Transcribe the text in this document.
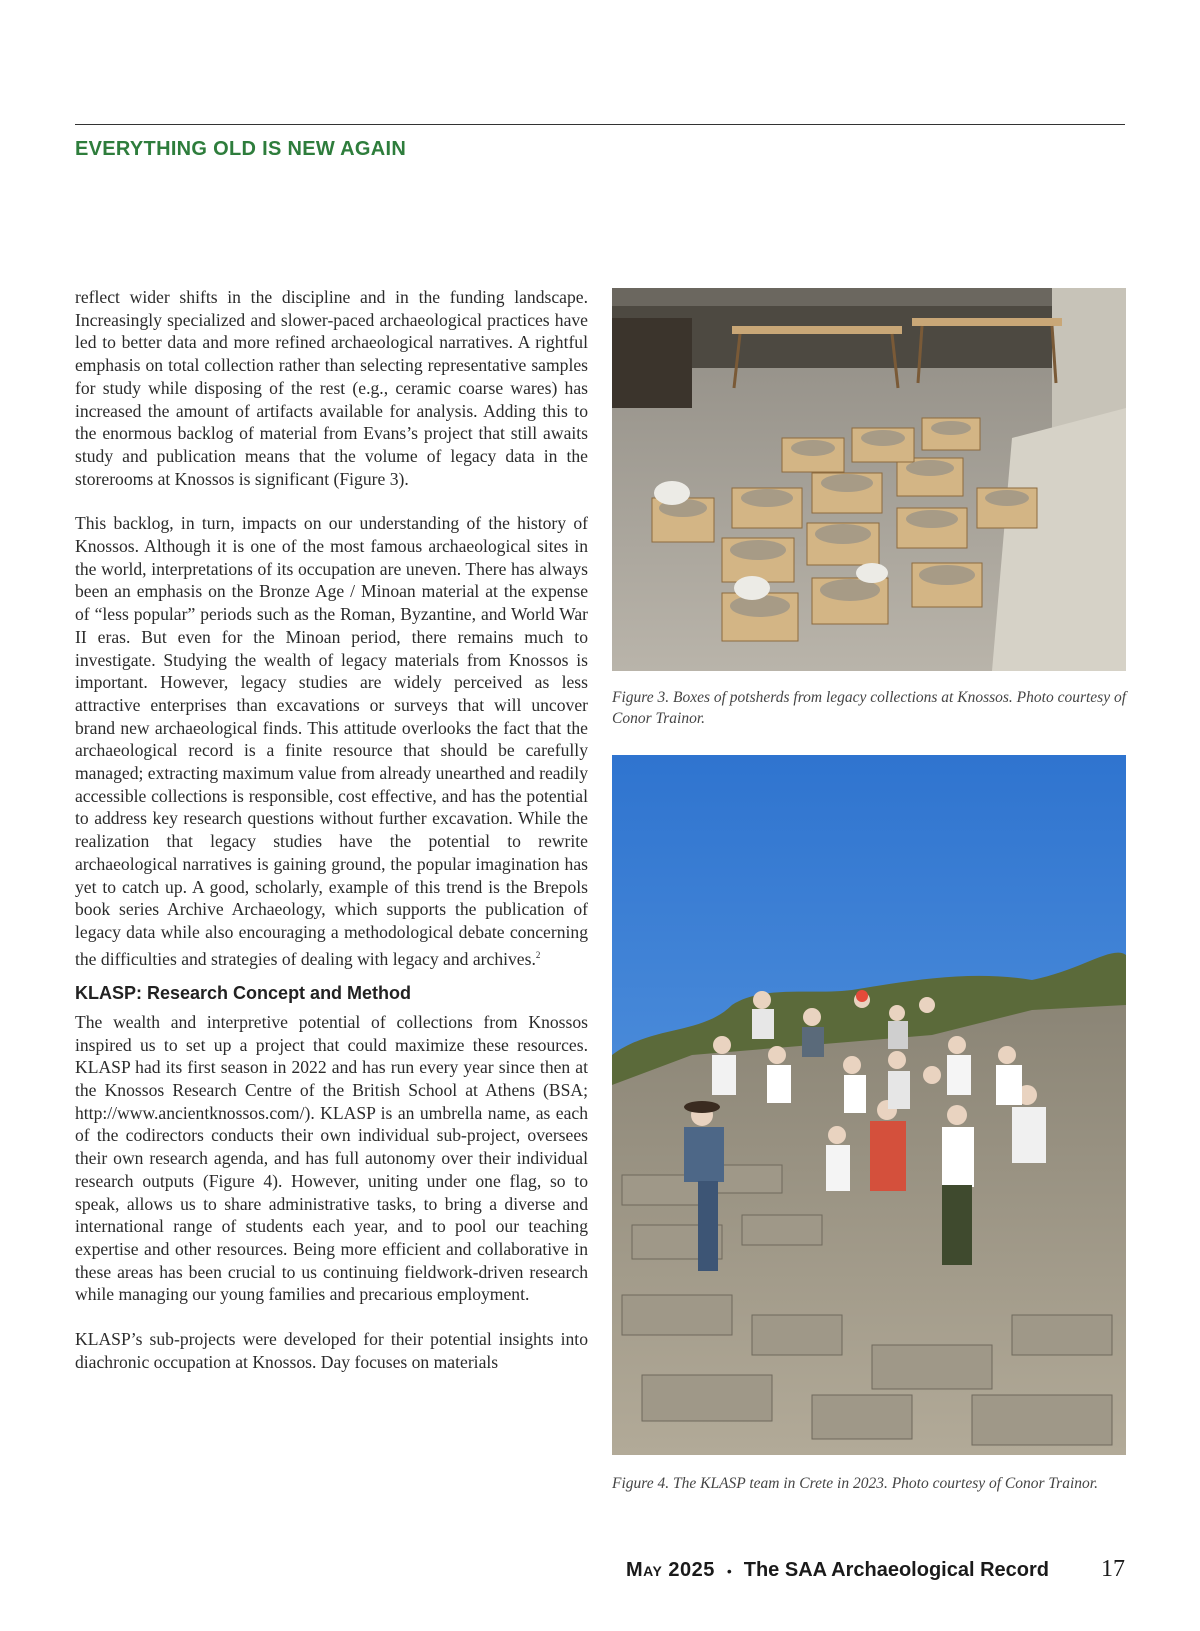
EVERYTHING OLD IS NEW AGAIN

reflect wider shifts in the discipline and in the funding landscape. Increasingly specialized and slower-paced archaeological practices have led to better data and more refined archaeological narratives. A rightful emphasis on total collection rather than selecting representative samples for study while disposing of the rest (e.g., ceramic coarse wares) has increased the amount of artifacts available for analysis. Adding this to the enormous backlog of material from Evans’s project that still awaits study and publication means that the volume of legacy data in the storerooms at Knossos is significant (Figure 3).

This backlog, in turn, impacts on our understanding of the history of Knossos. Although it is one of the most famous archaeological sites in the world, interpretations of its occupation are uneven. There has always been an emphasis on the Bronze Age / Minoan material at the expense of “less popular” periods such as the Roman, Byzantine, and World War II eras. But even for the Minoan period, there remains much to investigate. Studying the wealth of legacy materials from Knossos is important. However, legacy studies are widely perceived as less attractive enterprises than excavations or surveys that will uncover brand new archaeological finds. This attitude overlooks the fact that the archaeological record is a finite resource that should be carefully managed; extracting maximum value from already unearthed and readily accessible collections is responsible, cost effective, and has the potential to address key research questions without further excavation. While the realization that legacy studies have the potential to rewrite archaeological narratives is gaining ground, the popular imagination has yet to catch up. A good, scholarly, example of this trend is the Brepols book series Archive Archaeology, which supports the publication of legacy data while also encouraging a methodological debate concerning the difficulties and strategies of dealing with legacy and archives.$^2$

KLASP: Research Concept and Method

The wealth and interpretive potential of collections from Knossos inspired us to set up a project that could maximize these resources. KLASP had its first season in 2022 and has run every year since then at the Knossos Research Centre of the British School at Athens (BSA; http://www.ancientknossos.com/). KLASP is an umbrella name, as each of the codirectors conducts their own individual sub-project, oversees their own research agenda, and has full autonomy over their individual research outputs (Figure 4). However, uniting under one flag, so to speak, allows us to share administrative tasks, to bring a diverse and international range of students each year, and to pool our teaching expertise and other resources. Being more efficient and collaborative in these areas has been crucial to us continuing fieldwork-driven research while managing our young families and precarious employment.

KLASP’s sub-projects were developed for their potential insights into diachronic occupation at Knossos. Day focuses on materials

Figure 3. Boxes of potsherds from legacy collections at Knossos. Photo courtesy of Conor Trainor.
Figure 4. The KLASP team in Crete in 2023. Photo courtesy of Conor Trainor.
May 2025 • The SAA Archaeological Record 17
